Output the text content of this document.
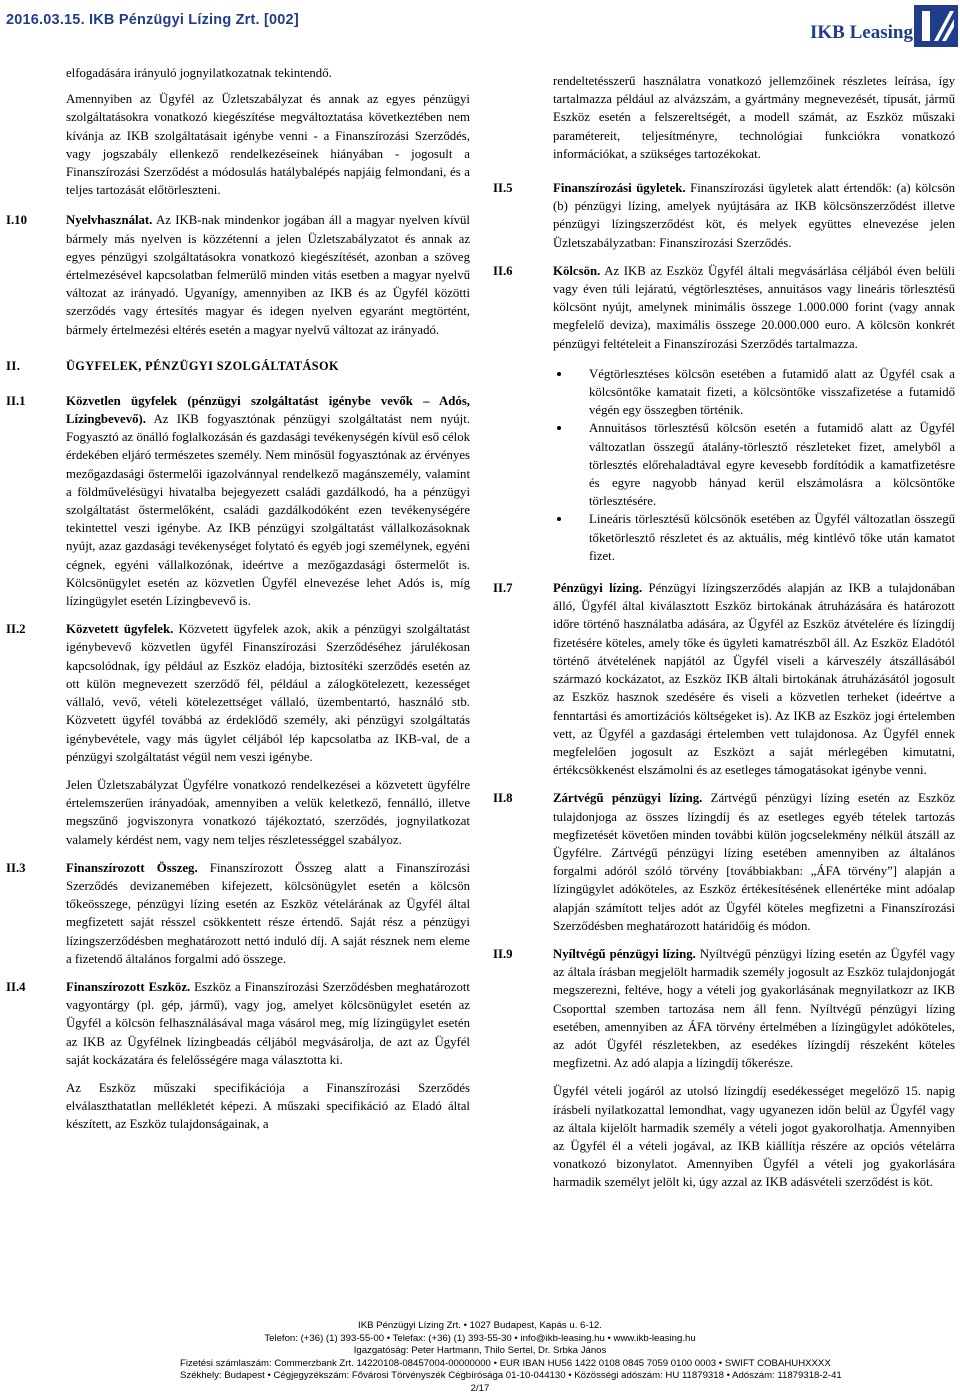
2016.03.15. IKB Pénzügyi Lízing Zrt. [002]
IKB Leasing

elfogadására irányuló jognyilatkozatnak tekintendő.

Amennyiben az Ügyfél az Üzletszabályzat és annak az egyes pénzügyi szolgáltatásokra vonatkozó kiegészítése megváltoztatása következtében nem kívánja az IKB szolgáltatásait igénybe venni - a Finanszírozási Szerződés, vagy jogszabály ellenkező rendelkezéseinek hiányában - jogosult a Finanszírozási Szerződést a módosulás hatálybalépés napjáig felmondani, és a teljes tartozását előtörleszteni.

I.10	Nyelvhasználat. Az IKB-nak mindenkor jogában áll a magyar nyelven kívül bármely más nyelven is közzétenni a jelen Üzletszabályzatot és annak az egyes pénzügyi szolgáltatásokra vonatkozó kiegészítését, azonban a szöveg értelmezésével kapcsolatban felmerülő minden vitás esetben a magyar nyelvű változat az irányadó. Ugyanígy, amennyiben az IKB és az Ügyfél közötti szerződés vagy értesítés magyar és idegen nyelven egyaránt megtörtént, bármely értelmezési eltérés esetén a magyar nyelvű változat az irányadó.

II.	ÜGYFELEK, PÉNZÜGYI SZOLGÁLTATÁSOK

II.1	Közvetlen ügyfelek (pénzügyi szolgáltatást igénybe vevők – Adós, Lízingbevevő). Az IKB fogyasztónak pénzügyi szolgáltatást nem nyújt. Fogyasztó az önálló foglalkozásán és gazdasági tevékenységén kívül eső célok érdekében eljáró természetes személy. Nem minősül fogyasztónak az érvényes mezőgazdasági őstermelői igazolvánnyal rendelkező magánszemély, valamint a földművelésügyi hivatalba bejegyezett családi gazdálkodó, ha a pénzügyi szolgáltatást őstermelőként, családi gazdálkodóként ezen tevékenységére tekintettel veszi igénybe. Az IKB pénzügyi szolgáltatást vállalkozásoknak nyújt, azaz gazdasági tevékenységet folytató és egyéb jogi személynek, egyéni cégnek, egyéni vállalkozónak, ideértve a mezőgazdasági őstermelőt is. Kölcsönügylet esetén az közvetlen Ügyfél elnevezése lehet Adós is, míg lízingügylet esetén Lízingbevevő is.

II.2	Közvetett ügyfelek. Közvetett ügyfelek azok, akik a pénzügyi szolgáltatást igénybevevő közvetlen ügyfél Finanszírozási Szerződéséhez járulékosan kapcsolódnak, így például az Eszköz eladója, biztosítéki szerződés esetén az ott külön megnevezett szerződő fél, például a zálogkötelezett, kezességet vállaló, vevő, vételi kötelezettséget vállaló, üzembentartó, használó stb. Közvetett ügyfél továbbá az érdeklődő személy, aki pénzügyi szolgáltatás igénybevétele, vagy más ügylet céljából lép kapcsolatba az IKB-val, de a pénzügyi szolgáltatást végül nem veszi igénybe.

Jelen Üzletszabályzat Ügyfélre vonatkozó rendelkezései a közvetett ügyfélre értelemszerűen irányadóak, amennyiben a velük keletkező, fennálló, illetve megszűnő jogviszonyra vonatkozó tájékoztató, szerződés, jognyilatkozat valamely kérdést nem, vagy nem teljes részletességgel szabályoz.

II.3	Finanszírozott Összeg. Finanszírozott Összeg alatt a Finanszírozási Szerződés devizanemében kifejezett, kölcsönügylet esetén a kölcsön tőkeösszege, pénzügyi lízing esetén az Eszköz vételárának az Ügyfél által megfizetett saját résszel csökkentett része értendő. Saját rész a pénzügyi lízingszerződésben meghatározott nettó induló díj. A saját résznek nem eleme a fizetendő általános forgalmi adó összege.

II.4	Finanszírozott Eszköz. Eszköz a Finanszírozási Szerződésben meghatározott vagyontárgy (pl. gép, jármű), vagy jog, amelyet kölcsönügylet esetén az Ügyfél a kölcsön felhasználásával maga vásárol meg, míg lízingügylet esetén az IKB az Ügyfélnek lízingbeadás céljából megvásárolja, de azt az Ügyfél saját kockázatára és felelősségére maga választotta ki.

Az Eszköz műszaki specifikációja a Finanszírozási Szerződés elválaszthatatlan mellékletét képezi. A műszaki specifikáció az Eladó által készített, az Eszköz tulajdonságainak, a

rendeltetésszerű használatra vonatkozó jellemzőinek részletes leírása, így tartalmazza például az alvázszám, a gyártmány megnevezését, típusát, jármű Eszköz esetén a felszereltségét, a modell számát, az Eszköz műszaki paramétereit, teljesítményre, technológiai funkciókra vonatkozó információkat, a szükséges tartozékokat.

II.5	Finanszírozási ügyletek. Finanszírozási ügyletek alatt értendők: (a) kölcsön (b) pénzügyi lízing, amelyek nyújtására az IKB kölcsönszerződést illetve pénzügyi lízingszerződést köt, és melyek együttes elnevezése jelen Üzletszabályzatban: Finanszírozási Szerződés.

II.6	Kölcsön. Az IKB az Eszköz Ügyfél általi megvásárlása céljából éven belüli vagy éven túli lejáratú, végtörlesztéses, annuitásos vagy lineáris törlesztésű kölcsönt nyújt, amelynek minimális összege 1.000.000 forint (vagy annak megfelelő deviza), maximális összege 20.000.000 euro. A kölcsön konkrét pénzügyi feltételeit a Finanszírozási Szerződés tartalmazza.

Végtörlesztéses kölcsön esetében a futamidő alatt az Ügyfél csak a kölcsöntőke kamatait fizeti, a kölcsöntőke visszafizetése a futamidő végén egy összegben történik.
Annuitásos törlesztésű kölcsön esetén a futamidő alatt az Ügyfél változatlan összegű átalány-törlesztő részleteket fizet, amelyből a törlesztés előrehaladtával egyre kevesebb fordítódik a kamatfizetésre és egyre nagyobb hányad kerül elszámolásra a kölcsöntőke törlesztésére.
Lineáris törlesztésű kölcsönök esetében az Ügyfél változatlan összegű tőketörlesztő részletet és az aktuális, még kintlévő tőke után kamatot fizet.

II.7	Pénzügyi lízing. Pénzügyi lízingszerződés alapján az IKB a tulajdonában álló, Ügyfél által kiválasztott Eszköz birtokának átruházására és határozott időre történő használatba adására, az Ügyfél az Eszköz átvételére és lízingdíj fizetésére köteles, amely tőke és ügyleti kamatrészből áll. Az Eszköz Eladótól történő átvételének napjától az Ügyfél viseli a kárveszély átszállásából származó kockázatot, az Eszköz IKB általi birtokának átruházásától jogosult az Eszköz hasznok szedésére és viseli a közvetlen terheket (ideértve a fenntartási és amortizációs költségeket is). Az IKB az Eszköz jogi értelemben vett, az Ügyfél a gazdasági értelemben vett tulajdonosa. Az Ügyfél ennek megfelelően jogosult az Eszközt a saját mérlegében kimutatni, értékcsökkenést elszámolni és az esetleges támogatásokat igénybe venni.

II.8	Zártvégű pénzügyi lízing. Zártvégű pénzügyi lízing esetén az Eszköz tulajdonjoga az összes lízingdíj és az esetleges egyéb tételek tartozás megfizetését követően minden további külön jogcselekmény nélkül átszáll az Ügyfélre. Zártvégű pénzügyi lízing esetében amennyiben az általános forgalmi adóról szóló törvény [továbbiakban: „ÁFA törvény”] alapján a lízingügylet adóköteles, az Eszköz értékesítésének ellenértéke mint adóalap alapján számított teljes adót az Ügyfél köteles megfizetni a Finanszírozási Szerződésben meghatározott határidőig és módon.

II.9	Nyíltvégű pénzügyi lízing. Nyíltvégű pénzügyi lízing esetén az Ügyfél vagy az általa írásban megjelölt harmadik személy jogosult az Eszköz tulajdonjogát megszerezni, feltéve, hogy a vételi jog gyakorlásának megnyilatkozr az IKB Csoporttal szemben tartozása nem áll fenn. Nyíltvégű pénzügyi lízing esetében, amennyiben az ÁFA törvény értelmében a lízingügylet adóköteles, az adót Ügyfél részletekben, az esedékes lízingdíj részeként köteles megfizetni. Az adó alapja a lízingdíj tőkerésze.

Ügyfél vételi jogáról az utolsó lízingdíj esedékességet megelőző 15. napig írásbeli nyilatkozattal lemondhat, vagy ugyanezen időn belül az Ügyfél vagy az általa kijelölt harmadik személy a vételi jogot gyakorolhatja. Amennyiben az Ügyfél él a vételi jogával, az IKB kiállítja részére az opciós vételárra vonatkozó bizonylatot. Amennyiben Ügyfél a vételi jog gyakorlására harmadik személyt jelölt ki, úgy azzal az IKB adásvételi szerződést is köt.

IKB Pénzügyi Lízing Zrt. • 1027 Budapest, Kapás u. 6-12.
Telefon: (+36) (1) 393-55-00 • Telefax: (+36) (1) 393-55-30 • info@ikb-leasing.hu • www.ikb-leasing.hu
Igazgatóság: Peter Hartmann, Thilo Sertel, Dr. Srbka János
Fizetési számlaszám: Commerzbank Zrt. 14220108-08457004-00000000 • EUR IBAN HU56 1422 0108 0845 7059 0100 0003 • SWIFT COBAHUHXXXX
Székhely: Budapest • Cégjegyzékszám: Fővárosi Törvényszék Cégbírósága 01-10-044130 • Közösségi adószám: HU 11879318 • Adószám: 11879318-2-41
2/17
